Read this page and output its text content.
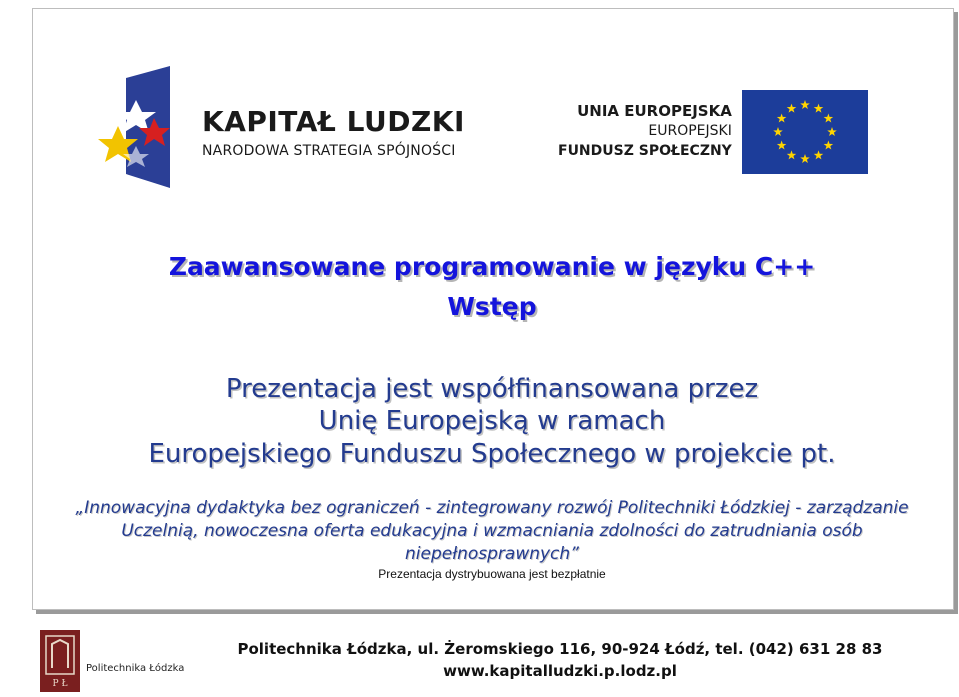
KAPITAŁ LUDZKI
NARODOWA STRATEGIA SPÓJNOŚCI
UNIA EUROPEJSKA
EUROPEJSKI
FUNDUSZ SPOŁECZNY
Zaawansowane programowanie w języku C++
Wstęp
Prezentacja jest współfinansowana przez
Unię Europejską w ramach
Europejskiego Funduszu Społecznego w projekcie pt.
„Innowacyjna dydaktyka bez ograniczeń - zintegrowany rozwój Politechniki Łódzkiej - zarządzanie Uczelnią, nowoczesna oferta edukacyjna i wzmacniania zdolności do zatrudniania osób niepełnosprawnych”
Prezentacja dystrybuowana jest bezpłatnie
P Ł
Politechnika Łódzka
Politechnika Łódzka, ul. Żeromskiego 116, 90-924 Łódź, tel. (042) 631 28 83
www.kapitalludzki.p.lodz.pl
